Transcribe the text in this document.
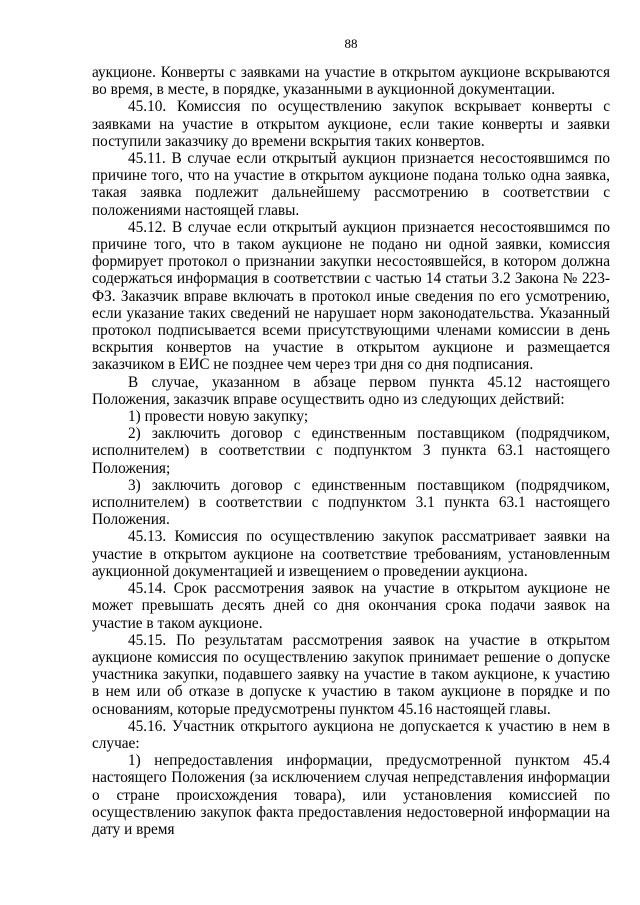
88

аукционе. Конверты с заявками на участие в открытом аукционе вскрываются во время, в месте, в порядке, указанными в аукционной документации.

45.10. Комиссия по осуществлению закупок вскрывает конверты с заявками на участие в открытом аукционе, если такие конверты и заявки поступили заказчику до времени вскрытия таких конвертов.

45.11. В случае если открытый аукцион признается несостоявшимся по причине того, что на участие в открытом аукционе подана только одна заявка, такая заявка подлежит дальнейшему рассмотрению в соответствии с положениями настоящей главы.

45.12. В случае если открытый аукцион признается несостоявшимся по причине того, что в таком аукционе не подано ни одной заявки, комиссия формирует протокол о признании закупки несостоявшейся, в котором должна содержаться информация в соответствии с частью 14 статьи 3.2 Закона № 223-ФЗ. Заказчик вправе включать в протокол иные сведения по его усмотрению, если указание таких сведений не нарушает норм законодательства. Указанный протокол подписывается всеми присутствующими членами комиссии в день вскрытия конвертов на участие в открытом аукционе и размещается заказчиком в ЕИС не позднее чем через три дня со дня подписания.

В случае, указанном в абзаце первом пункта 45.12 настоящего Положения, заказчик вправе осуществить одно из следующих действий:

1) провести новую закупку;

2) заключить договор с единственным поставщиком (подрядчиком, исполнителем) в соответствии с подпунктом 3 пункта 63.1 настоящего Положения;

3) заключить договор с единственным поставщиком (подрядчиком, исполнителем) в соответствии с подпунктом 3.1 пункта 63.1 настоящего Положения.

45.13. Комиссия по осуществлению закупок рассматривает заявки на участие в открытом аукционе на соответствие требованиям, установленным аукционной документацией и извещением о проведении аукциона.

45.14. Срок рассмотрения заявок на участие в открытом аукционе не может превышать десять дней со дня окончания срока подачи заявок на участие в таком аукционе.

45.15. По результатам рассмотрения заявок на участие в открытом аукционе комиссия по осуществлению закупок принимает решение о допуске участника закупки, подавшего заявку на участие в таком аукционе, к участию в нем или об отказе в допуске к участию в таком аукционе в порядке и по основаниям, которые предусмотрены пунктом 45.16 настоящей главы.

45.16. Участник открытого аукциона не допускается к участию в нем в случае:

1) непредоставления информации, предусмотренной пунктом 45.4 настоящего Положения (за исключением случая непредставления информации о стране происхождения товара), или установления комиссией по осуществлению закупок факта предоставления недостоверной информации на дату и время
